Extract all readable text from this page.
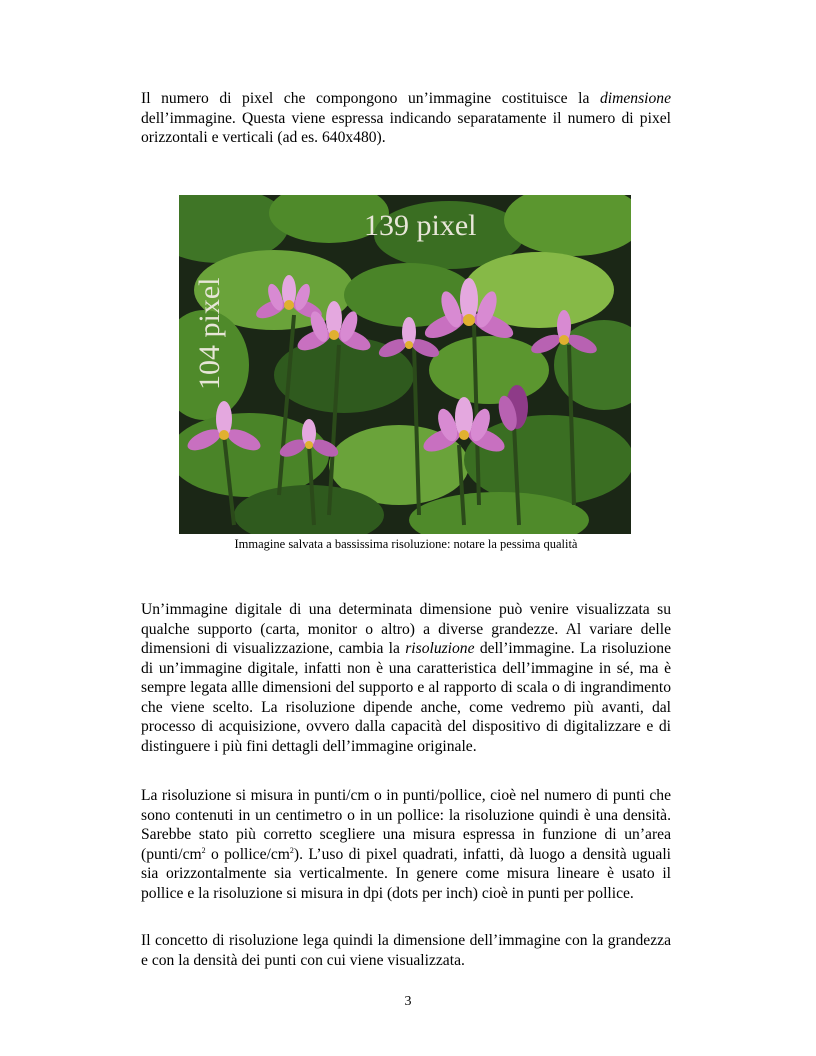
Il numero di pixel che compongono un’immagine costituisce la dimensione dell’immagine. Questa viene espressa indicando separatamente il numero di pixel orizzontali e verticali (ad es. 640x480).

139 pixel
104 pixel
Immagine salvata a bassissima risoluzione: notare la pessima qualità

Un’immagine digitale di una determinata dimensione può venire visualizzata su qualche supporto (carta, monitor o altro) a diverse grandezze. Al variare delle dimensioni di visualizzazione, cambia la risoluzione dell’immagine. La risoluzione di un’immagine digitale, infatti non è una caratteristica dell’immagine in sé, ma è sempre legata allle dimensioni del supporto e al rapporto di scala o di ingrandimento che viene scelto. La risoluzione dipende anche, come vedremo più avanti, dal processo di acquisizione, ovvero dalla capacità del dispositivo di digitalizzare e di distinguere i più fini dettagli dell’immagine originale.

La risoluzione si misura in punti/cm o in punti/pollice, cioè nel numero di punti che sono contenuti in un centimetro o in un pollice: la risoluzione quindi è una densità. Sarebbe stato più corretto scegliere una misura espressa in funzione di un’area ($punti/cm^2$ o pollice/$cm^2$). L’uso di pixel quadrati, infatti, dà luogo a densità uguali sia orizzontalmente sia verticalmente. In genere come misura lineare è usato il pollice e la risoluzione si misura in dpi (dots per inch) cioè in punti per pollice.

Il concetto di risoluzione lega quindi la dimensione dell’immagine con la grandezza e con la densità dei punti con cui viene visualizzata.

3
